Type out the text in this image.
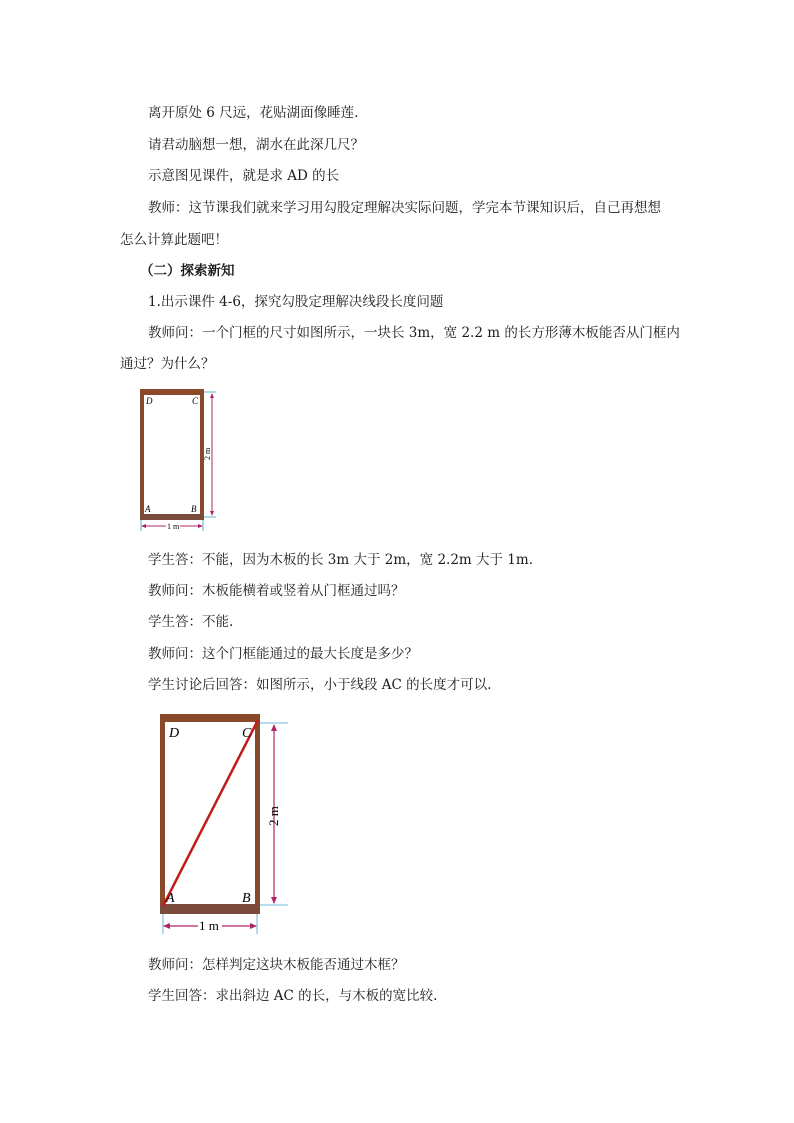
离开原处 6 尺远，花贴湖面像睡莲.
请君动脑想一想，湖水在此深几尺？
示意图见课件，就是求 AD 的长
教师：这节课我们就来学习用勾股定理解决实际问题，学完本节课知识后，自己再想想
怎么计算此题吧！
（二）探索新知
1.出示课件 4-6，探究勾股定理解决线段长度问题
教师问：一个门框的尺寸如图所示，一块长 3m，宽 2.2 m 的长方形薄木板能否从门框内
通过？为什么？
D	C
A	B
2 m
1 m
学生答：不能，因为木板的长 3m 大于 2m，宽 2.2m 大于 1m.
教师问：木板能横着或竖着从门框通过吗？
学生答：不能.
教师问：这个门框能通过的最大长度是多少？
学生讨论后回答：如图所示，小于线段 AC 的长度才可以.
D	C
A	B
2 m
1 m
教师问：怎样判定这块木板能否通过木框？
学生回答：求出斜边 AC 的长，与木板的宽比较.
